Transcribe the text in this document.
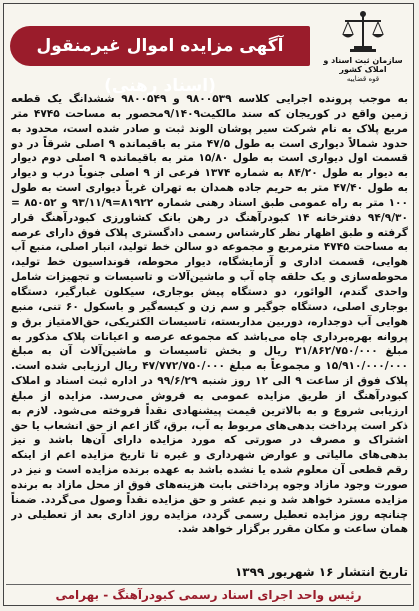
آگهی مزایده اموال غیرمنقول (اسناد رهنی)
سازمان ثبت اسناد و املاک کشور
قوه قضاییه

به موجب پرونده اجرایی کلاسه ۹۸۰۰۵۳۹ و ۹۸۰۰۵۴۹ ششدانگ یک قطعه زمین واقع در کوریجان که سند مالکیت۹/۱۴۰۹محصور به مساحت ۴۷۴۵ متر مربع پلاک به نام شرکت سیر پوشان الوند ثبت و صادر شده است، محدود به حدود شمالاً دیواری است به طول ۴۷/۵ متر به باقیمانده ۹ اصلی شرقاً در دو قسمت اول دیواری است به طول ۱۵/۸۰ متر به باقیمانده ۹ اصلی دوم دیوار به دیوار به طول ۸۴/۲۰ به شماره ۱۳۷۴ فرعی از ۹ اصلی جنوباً درب و دیوار به طول ۴۷/۴۰ متر به حریم جاده همدان به تهران غرباً دیواری است به طول ۱۰۰ متر به راه عمومی طبق اسناد رهنی شماره ۸۱۹۲۲=۹۳/۱۱/۹ و ۸۵۰۵۲ = ۹۴/۹/۳۰ دفترخانه ۱۴ کبودرآهنگ در رهن بانک کشاورزی کبودرآهنگ قرار گرفته و طبق اظهار نظر کارشناس رسمی دادگستری پلاک فوق دارای عرصه به مساحت ۴۷۴۵ مترمربع و مجموعه دو سالن خط تولید، انبار اصلی، منبع آب هوایی، قسمت اداری و آزمایشگاه، دیوار محوطه، فونداسیون خط تولید، محوطه‌سازی و یک حلقه چاه آب و ماشین‌آلات و تاسیسات و تجهیزات شامل واحدی گندم، الوائور، دو دستگاه پیش بوجاری، سیکلون غبارگیر، دستگاه بوجاری اصلی، دستگاه جوگیر و سم زن و کیسه‌گیر و باسکول ۶۰ تنی، منبع هوایی آب دوجداره، دوربین مداربسته، تاسیسات الکتریکی، حق‌الامتیاز برق و پروانه بهره‌برداری چاه می‌باشد که مجموعه عرصه و اعیانات پلاک مذکور به مبلغ ۳۱/۸۶۲/۷۵۰/۰۰۰ ریال و بخش تاسیسات و ماشین‌آلات آن به مبلغ ۱۵/۹۱۰/۰۰۰/۰۰۰ و مجموعاً به مبلغ ۴۷/۷۷۲/۷۵۰/۰۰۰ ریال ارزیابی شده است. پلاک فوق از ساعت ۹ الی ۱۲ روز شنبه ۹۹/۶/۲۹ در اداره ثبت اسناد و املاک کبودرآهنگ از طریق مزایده عمومی به فروش می‌رسد. مزایده از مبلغ ارزیابی شروع و به بالاترین قیمت پیشنهادی نقداً فروخته می‌شود. لازم به ذکر است پرداخت بدهی‌های مربوط به آب، برق، گاز اعم از حق انشعاب یا حق اشتراک و مصرف در صورتی که مورد مزایده دارای آن‌ها باشد و نیز بدهی‌های مالیاتی و عوارض شهرداری و غیره تا تاریخ مزایده اعم از اینکه رقم قطعی آن معلوم شده یا نشده باشد به عهده برنده مزایده است و نیز در صورت وجود مازاد وجوه پرداختی بابت هزینه‌های فوق از محل مازاد به برنده مزایده مسترد خواهد شد و نیم عشر و حق مزایده نقداً وصول می‌گردد. ضمناً چنانچه روز مزایده تعطیل رسمی گردد، مزایده روز اداری بعد از تعطیلی در همان ساعت و مکان مقرر برگزار خواهد شد.

تاریخ انتشار ۱۶ شهریور ۱۳۹۹
رئیس واحد اجرای اسناد رسمی کبودرآهنگ - بهرامی
